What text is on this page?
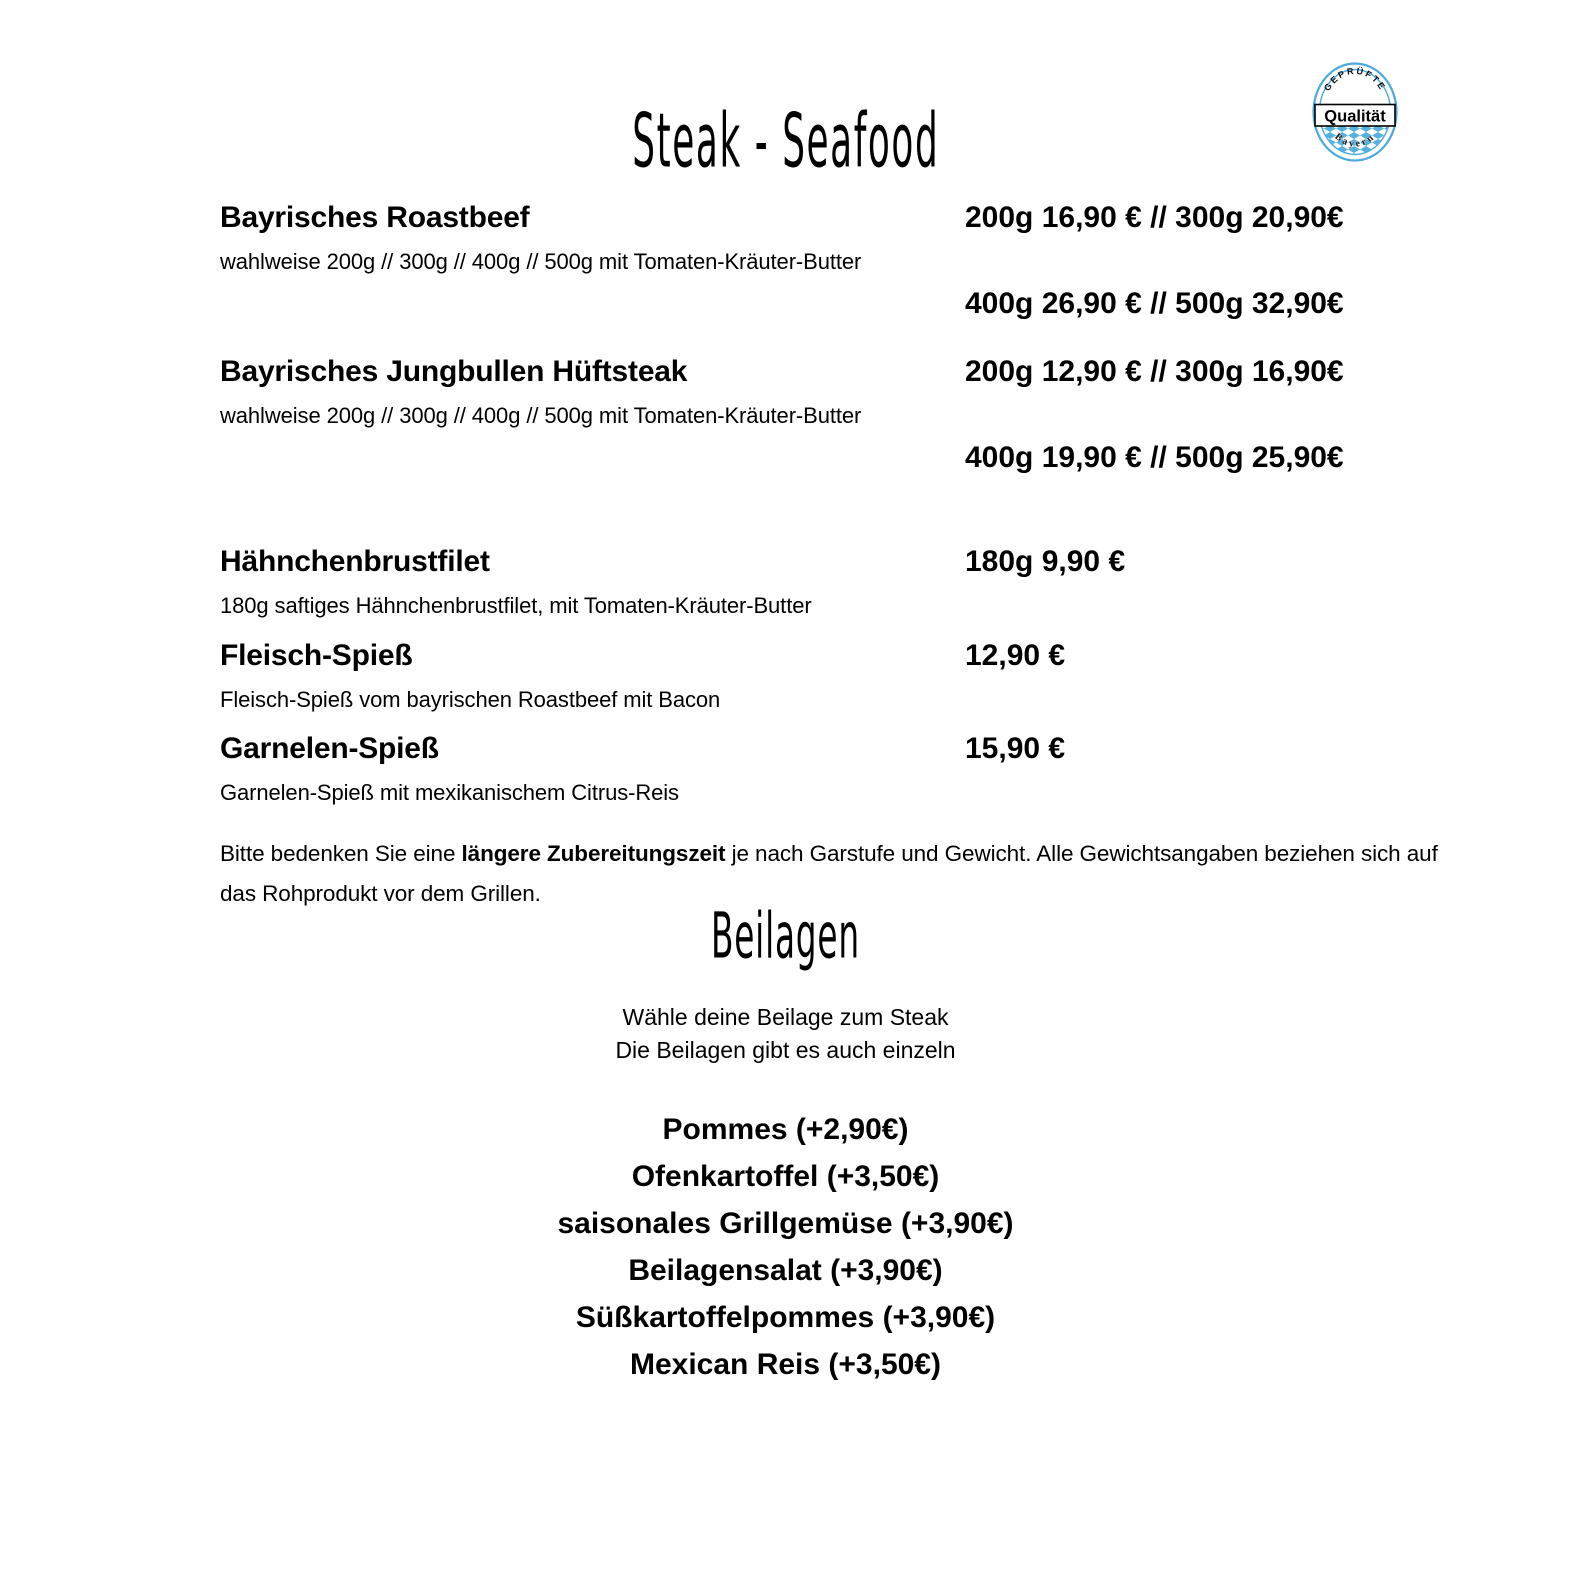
Steak - Seafood
GEPRÜFTE
Qualität
Bayern
Bayrisches Roastbeef
wahlweise 200g // 300g // 400g // 500g mit Tomaten-Kräuter-Butter
200g 16,90 € // 300g 20,90€
400g 26,90 € // 500g 32,90€
Bayrisches Jungbullen Hüftsteak
wahlweise 200g // 300g // 400g // 500g mit Tomaten-Kräuter-Butter
200g 12,90 € // 300g 16,90€
400g 19,90 € // 500g 25,90€
Hähnchenbrustfilet
180g saftiges Hähnchenbrustfilet, mit Tomaten-Kräuter-Butter
180g 9,90 €
Fleisch-Spieß
Fleisch-Spieß vom bayrischen Roastbeef mit Bacon
12,90 €
Garnelen-Spieß
Garnelen-Spieß mit mexikanischem Citrus-Reis
15,90 €

Bitte bedenken Sie eine längere Zubereitungszeit je nach Garstufe und Gewicht. Alle Gewichtsangaben beziehen sich auf das Rohprodukt vor dem Grillen.

Beilagen
Wähle deine Beilage zum Steak
Die Beilagen gibt es auch einzeln
Pommes (+2,90€)
Ofenkartoffel (+3,50€)
saisonales Grillgemüse (+3,90€)
Beilagensalat (+3,90€)
Süßkartoffelpommes (+3,90€)
Mexican Reis (+3,50€)
